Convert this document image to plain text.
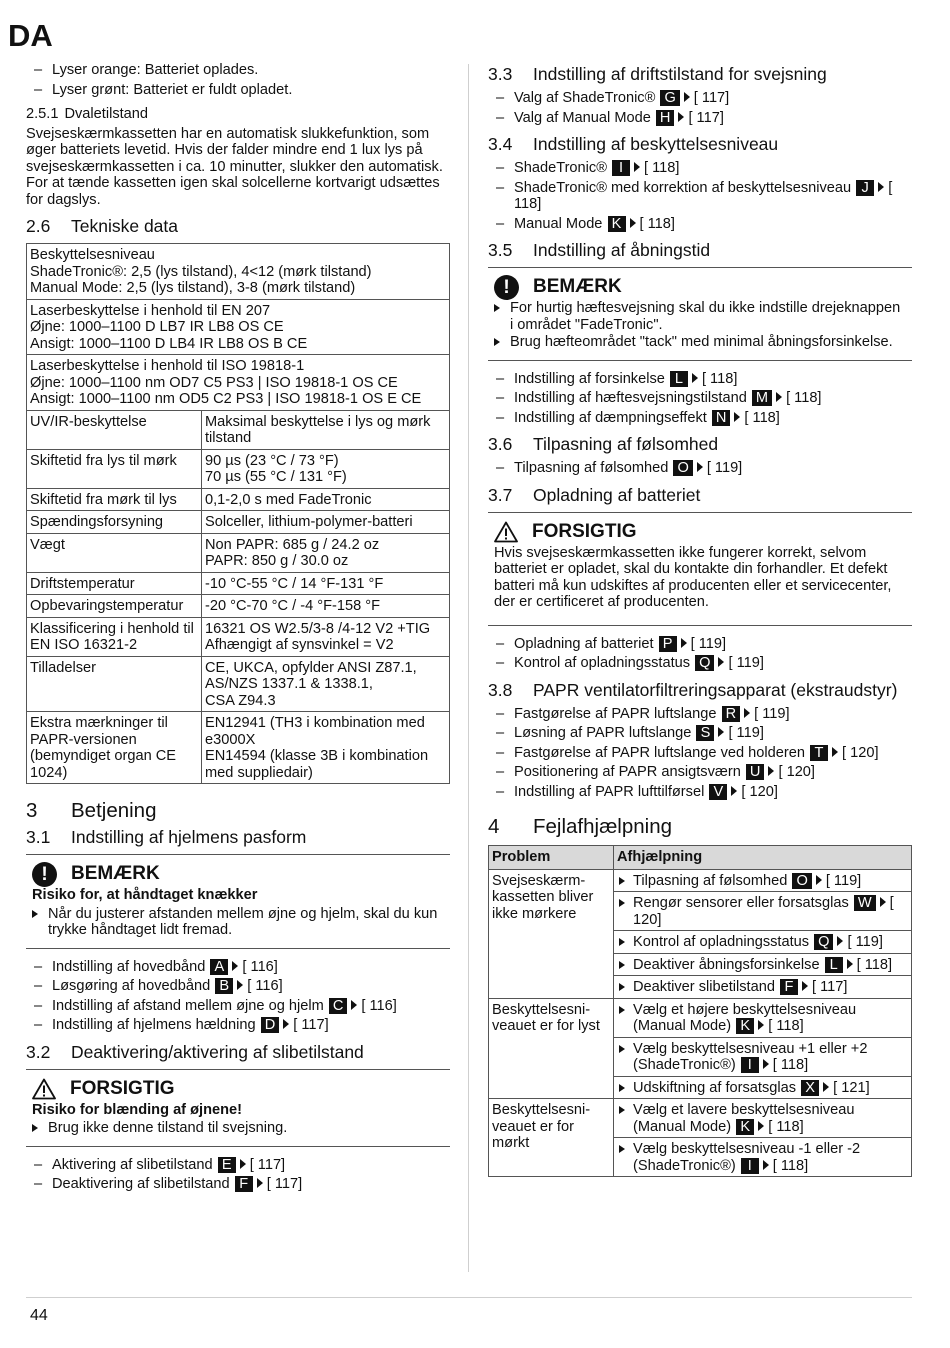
DA
– Lyser orange: Batteriet oplades.
– Lyser grønt: Batteriet er fuldt opladet.
2.5.1 Dvaletilstand

Svejseskærmkassetten har en automatisk slukkefunktion, som øger batteriets levetid. Hvis der falder mindre end 1 lux lys på svejseskærmkassetten i ca. 10 minutter, slukker den automatisk. For at tænde kassetten igen skal solcellerne kortvarigt udsættes for dagslys.

2.6 Tekniske data
Beskyttelsesniveau
ShadeTronic®: 2,5 (lys tilstand), 4<12 (mørk tilstand)
Manual Mode: 2,5 (lys tilstand), 3-8 (mørk tilstand)	

Laserbeskyttelse i henhold til EN 207
Øjne: 1000–1100 D LB7 IR LB8 OS CE
Ansigt: 1000–1100 D LB4 IR LB8 OS B CE	

Laserbeskyttelse i henhold til ISO 19818-1
Øjne: 1000–1100 nm OD7 C5 PS3 | ISO 19818-1 OS CE
Ansigt: 1000–1100 nm OD5 C2 PS3 | ISO 19818-1 OS E CE	

UV/IR-beskyttelse	Maksimal beskyttelse i lys og mørk tilstand

Skiftetid fra lys til mørk	90 µs (23 °C / 73 °F)
70 µs (55 °C / 131 °F)

Skiftetid fra mørk til lys	0,1-2,0 s med FadeTronic

Spændingsforsyning	Solceller, lithium-polymer-batteri

Vægt	Non PAPR: 685 g / 24.2 oz
PAPR: 850 g / 30.0 oz

Driftstemperatur	-10 °C-55 °C / 14 °F-131 °F

Opbevaringstemperatur	-20 °C-70 °C / -4 °F-158 °F

Klassificering i henhold til EN ISO 16321-2	16321 OS W2.5/3-8 /4-12 V2 +TIG
Afhængigt af synsvinkel = V2

Tilladelser	CE, UKCA, opfylder ANSI Z87.1, AS/NZS 1337.1 & 1338.1,
CSA Z94.3

Ekstra mærkninger til PAPR-versionen (bemyndiget organ CE 1024)	EN12941 (TH3 i kombination med e3000X
EN14594 (klasse 3B i kombination med suppliedair)
3 Betjening
3.1 Indstilling af hjelmens pasform
!	BEMÆRK
Risiko for, at håndtaget knækker
Når du justerer afstanden mellem øjne og hjelm, skal du kun trykke håndtaget lidt fremad.
– Indstilling af hovedbånd A [ 116]
– Løsgøring af hovedbånd B [ 116]
– Indstilling af afstand mellem øjne og hjelm C [ 116]
– Indstilling af hjelmens hældning D [ 117]
3.2 Deaktivering/aktivering af slibetilstand
FORSIGTIG
Risiko for blænding af øjnene!
Brug ikke denne tilstand til svejsning.
– Aktivering af slibetilstand E [ 117]
– Deaktivering af slibetilstand F [ 117]
3.3 Indstilling af driftstilstand for svejsning
– Valg af ShadeTronic® G [ 117]
– Valg af Manual Mode H [ 117]
3.4 Indstilling af beskyttelsesniveau
– ShadeTronic® I [ 118]
– ShadeTronic® med korrektion af beskyttelsesniveau J [ 118]
– Manual Mode K [ 118]
3.5 Indstilling af åbningstid
!	BEMÆRK
For hurtig hæftesvejsning skal du ikke indstille drejeknappen i området "FadeTronic".
Brug hæfteområdet "tack" med minimal åbningsforsinkelse.
– Indstilling af forsinkelse L [ 118]
– Indstilling af hæftesvejsningstilstand M [ 118]
– Indstilling af dæmpningseffekt N [ 118]
3.6 Tilpasning af følsomhed
– Tilpasning af følsomhed O [ 119]
3.7 Opladning af batteriet
FORSIGTIG
Hvis svejseskærmkassetten ikke fungerer korrekt, selvom batteriet er opladet, skal du kontakte din forhandler. Et defekt batteri må kun udskiftes af producenten eller et servicecenter, der er certificeret af producenten.
– Opladning af batteriet P [ 119]
– Kontrol af opladningsstatus Q [ 119]
3.8 PAPR ventilatorfiltreringsapparat (ekstraudstyr)
– Fastgørelse af PAPR luftslange R [ 119]
– Løsning af PAPR luftslange S [ 119]
– Fastgørelse af PAPR luftslange ved holderen T [ 120]
– Positionering af PAPR ansigtsværn U [ 120]
– Indstilling af PAPR lufttilførsel V [ 120]
4 Fejlafhjælpning
Problem	Afhjælpning
Svejseskærm-kassetten bliver ikke mørkere	Tilpasning af følsomhed O [ 119]

	Rengør sensorer eller forsatsglas W [ 120]

	Kontrol af opladningsstatus Q [ 119]

	Deaktiver åbningsforsinkelse L [ 118]

	Deaktiver slibetilstand F [ 117]

Beskyttelsesni-veauet er for lyst	Vælg et højere beskyttelsesniveau (Manual Mode) K [ 118]

	Vælg beskyttelsesniveau +1 eller +2 (ShadeTronic®) I [ 118]

	Udskiftning af forsatsglas X [ 121]

Beskyttelsesni-veauet er for mørkt	Vælg et lavere beskyttelsesniveau (Manual Mode) K [ 118]

	Vælg beskyttelsesniveau -1 eller -2 (ShadeTronic®) I [ 118]
44
